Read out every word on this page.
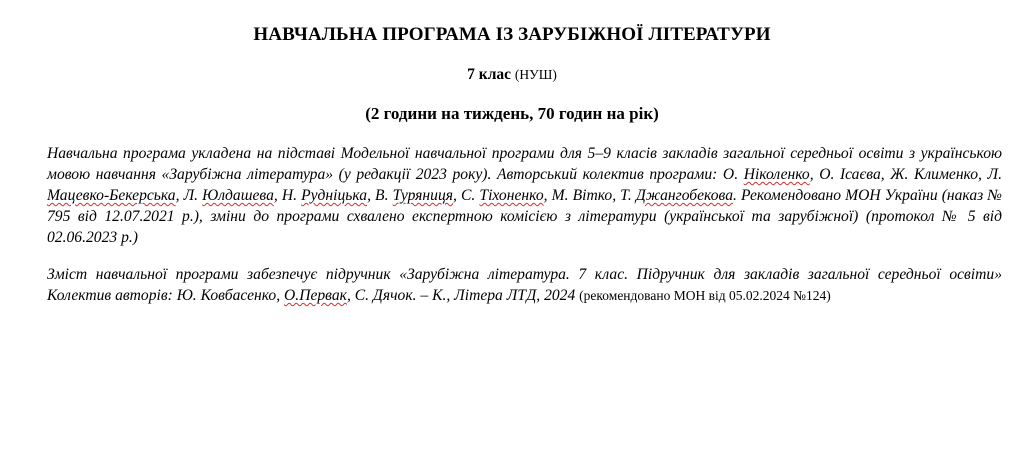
НАВЧАЛЬНА ПРОГРАМА ІЗ ЗАРУБІЖНОЇ ЛІТЕРАТУРИ
7 клас (НУШ)
(2 години на тиждень, 70 годин на рік)

Навчальна програма укладена на підставі Модельної навчальної програми для 5–9 класів закладів загальної середньої освіти з українською мовою навчання «Зарубіжна література» (у редакції 2023 року). Авторський колектив програми: О. Ніколенко, О. Ісаєва, Ж. Клименко, Л. Мацевко-Бекерська, Л. Юлдашева, Н. Рудніцька, В. Туряниця, С. Тіхоненко, М. Вітко, Т. Джангобекова. Рекомендовано МОН України (наказ № 795 від 12.07.2021 р.), зміни до програми схвалено експертною комісією з літератури (української та зарубіжної) (протокол № 5 від 02.06.2023 р.)

Зміст навчальної програми забезпечує підручник «Зарубіжна література. 7 клас. Підручник для закладів загальної середньої освіти» Колектив авторів: Ю. Ковбасенко, О.Первак, С. Дячок. – К., Літера ЛТД, 2024 (рекомендовано МОН від 05.02.2024 №124)
